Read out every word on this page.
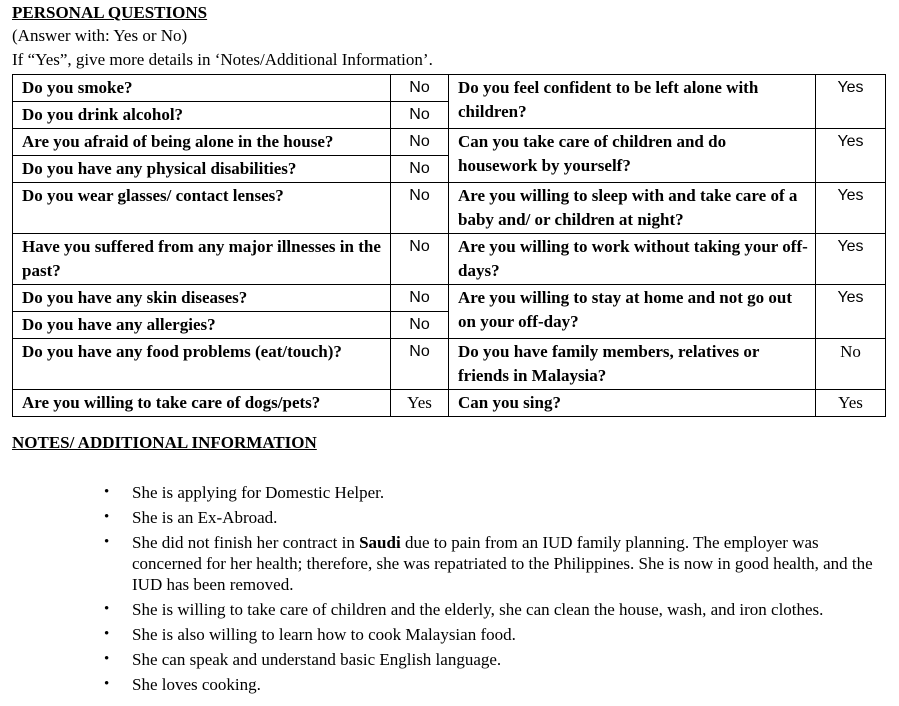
PERSONAL QUESTIONS
(Answer with: Yes or No)
If “Yes”, give more details in ‘Notes/Additional Information’.
Do you smoke?	No	Do you feel confident to be left alone with children?	Yes
Do you drink alcohol?	No		
Are you afraid of being alone in the house?	No	Can you take care of children and do housework by yourself?	Yes
Do you have any physical disabilities?	No		
Do you wear glasses/ contact lenses?	No	Are you willing to sleep with and take care of a baby and/ or children at night?	Yes
Have you suffered from any major illnesses in the past?	No	Are you willing to work without taking your off-days?	Yes
Do you have any skin diseases?	No	Are you willing to stay at home and not go out on your off-day?	Yes
Do you have any allergies?	No		
Do you have any food problems (eat/touch)?	No	Do you have family members, relatives or friends in Malaysia?	No
Are you willing to take care of dogs/pets?	Yes	Can you sing?	Yes
NOTES/ ADDITIONAL INFORMATION
• She is applying for Domestic Helper.
• She is an Ex-Abroad.
• She did not finish her contract in Saudi due to pain from an IUD family planning. The employer was concerned for her health; therefore, she was repatriated to the Philippines. She is now in good health, and the IUD has been removed.
• She is willing to take care of children and the elderly, she can clean the house, wash, and iron clothes.
• She is also willing to learn how to cook Malaysian food.
• She can speak and understand basic English language.
• She loves cooking.
